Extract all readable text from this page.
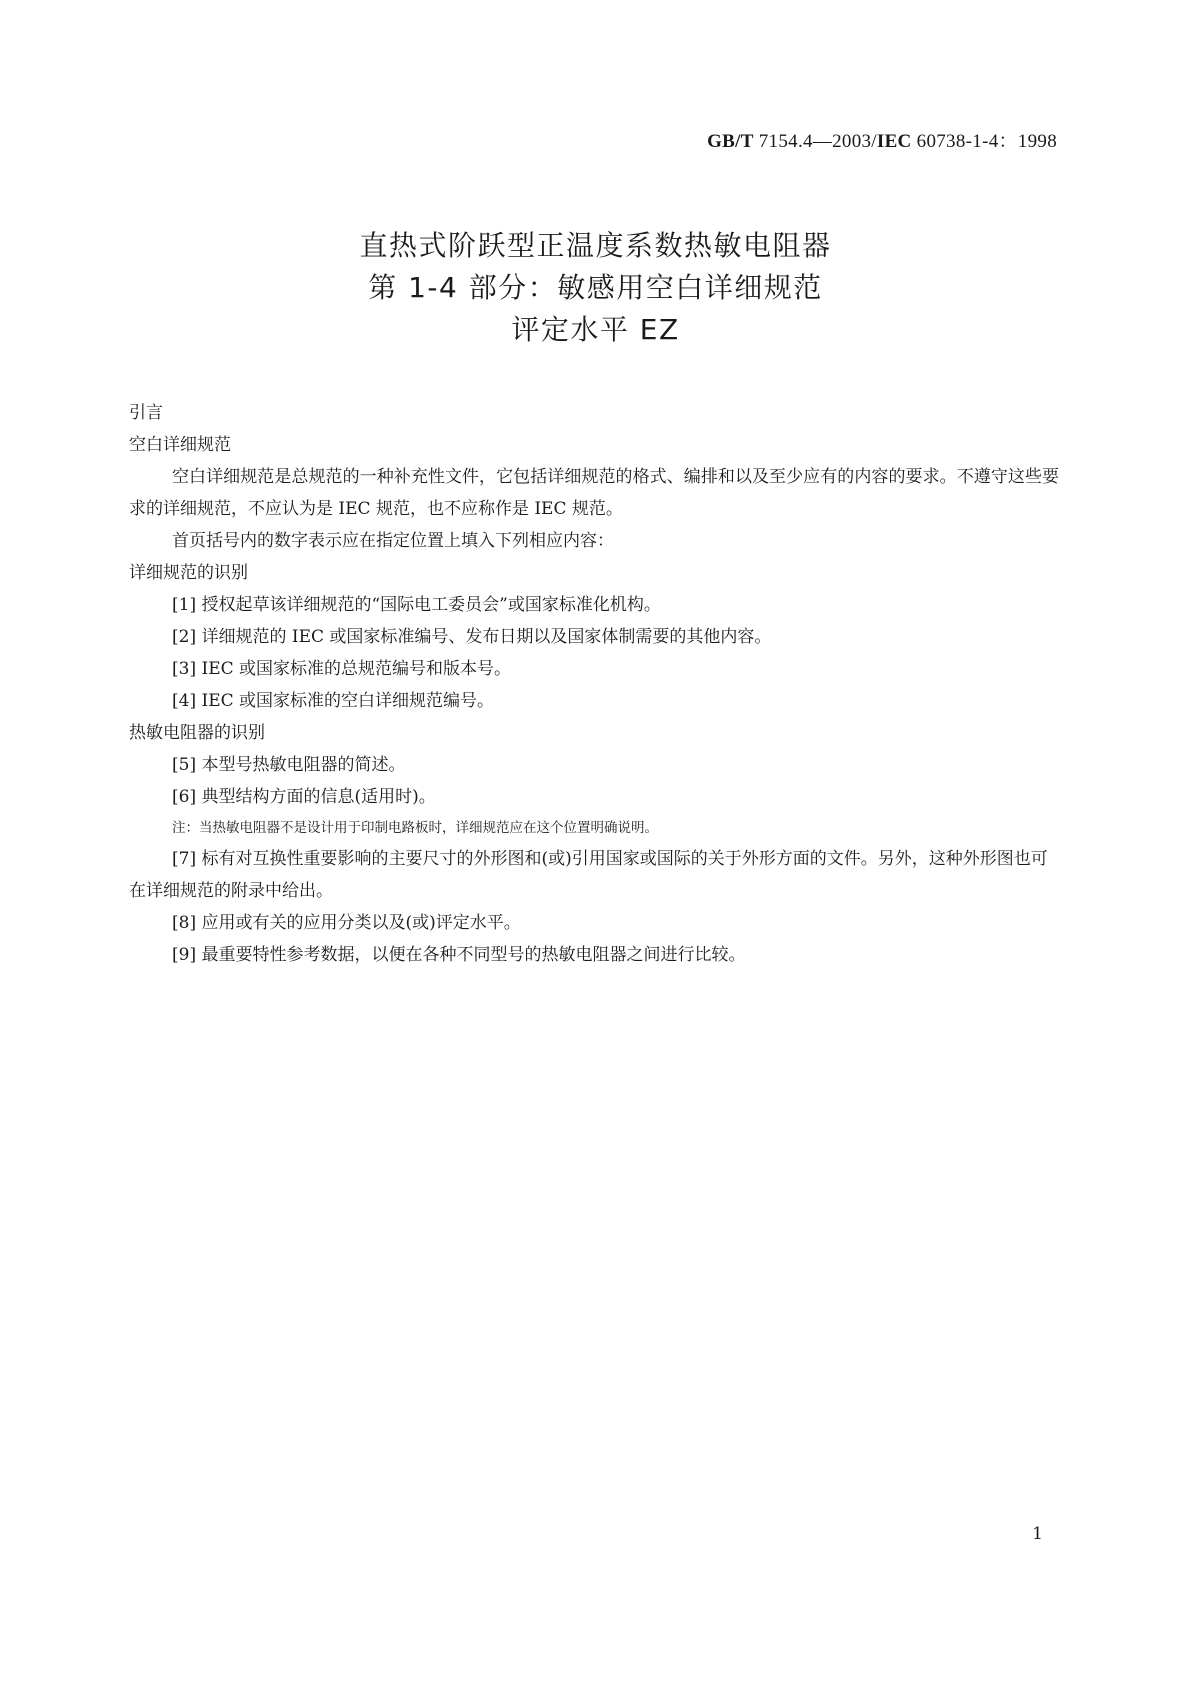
GB/T 7154.4—2003/IEC 60738-1-4：1998
直热式阶跃型正温度系数热敏电阻器
第 1-4 部分：敏感用空白详细规范
评定水平 EZ

引言

空白详细规范

空白详细规范是总规范的一种补充性文件，它包括详细规范的格式、编排和以及至少应有的内容的要求。不遵守这些要求的详细规范，不应认为是 IEC 规范，也不应称作是 IEC 规范。

首页括号内的数字表示应在指定位置上填入下列相应内容：

详细规范的识别

[1] 授权起草该详细规范的“国际电工委员会”或国家标准化机构。

[2] 详细规范的 IEC 或国家标准编号、发布日期以及国家体制需要的其他内容。

[3] IEC 或国家标准的总规范编号和版本号。

[4] IEC 或国家标准的空白详细规范编号。

热敏电阻器的识别

[5] 本型号热敏电阻器的简述。

[6] 典型结构方面的信息(适用时)。

注：当热敏电阻器不是设计用于印制电路板时，详细规范应在这个位置明确说明。

[7] 标有对互换性重要影响的主要尺寸的外形图和(或)引用国家或国际的关于外形方面的文件。另外，这种外形图也可在详细规范的附录中给出。

[8] 应用或有关的应用分类以及(或)评定水平。

[9] 最重要特性参考数据，以便在各种不同型号的热敏电阻器之间进行比较。

1
